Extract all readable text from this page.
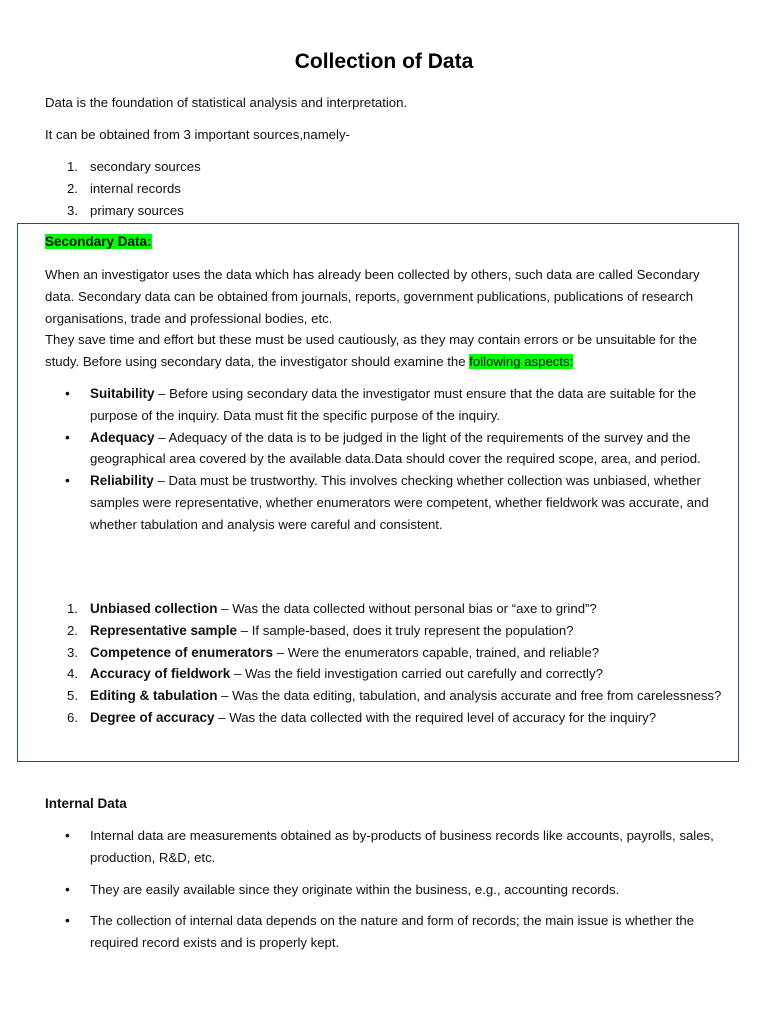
Collection of Data

Data is the foundation of statistical analysis and interpretation.

It can be obtained from 3 important sources,namely-

1. secondary sources
2. internal records
3. primary sources
Secondary Data:

When an investigator uses the data which has already been collected by others, such data are called Secondary data. Secondary data can be obtained from journals, reports, government publications, publications of research organisations, trade and professional bodies, etc.

They save time and effort but these must be used cautiously, as they may contain errors or be unsuitable for the study. Before using secondary data, the investigator should examine the following aspects:

• Suitability – Before using secondary data the investigator must ensure that the data are suitable for the purpose of the inquiry. Data must fit the specific purpose of the inquiry.
• Adequacy – Adequacy of the data is to be judged in the light of the requirements of the survey and the geographical area covered by the available data.Data should cover the required scope, area, and period.
• Reliability – Data must be trustworthy. This involves checking whether collection was unbiased, whether samples were representative, whether enumerators were competent, whether fieldwork was accurate, and whether tabulation and analysis were careful and consistent.
1. Unbiased collection – Was the data collected without personal bias or “axe to grind”?
2. Representative sample – If sample-based, does it truly represent the population?
3. Competence of enumerators – Were the enumerators capable, trained, and reliable?
4. Accuracy of fieldwork – Was the field investigation carried out carefully and correctly?
5. Editing & tabulation – Was the data editing, tabulation, and analysis accurate and free from carelessness?
6. Degree of accuracy – Was the data collected with the required level of accuracy for the inquiry?
Internal Data
• Internal data are measurements obtained as by-products of business records like accounts, payrolls, sales, production, R&D, etc.
• They are easily available since they originate within the business, e.g., accounting records.
• The collection of internal data depends on the nature and form of records; the main issue is whether the required record exists and is properly kept.
